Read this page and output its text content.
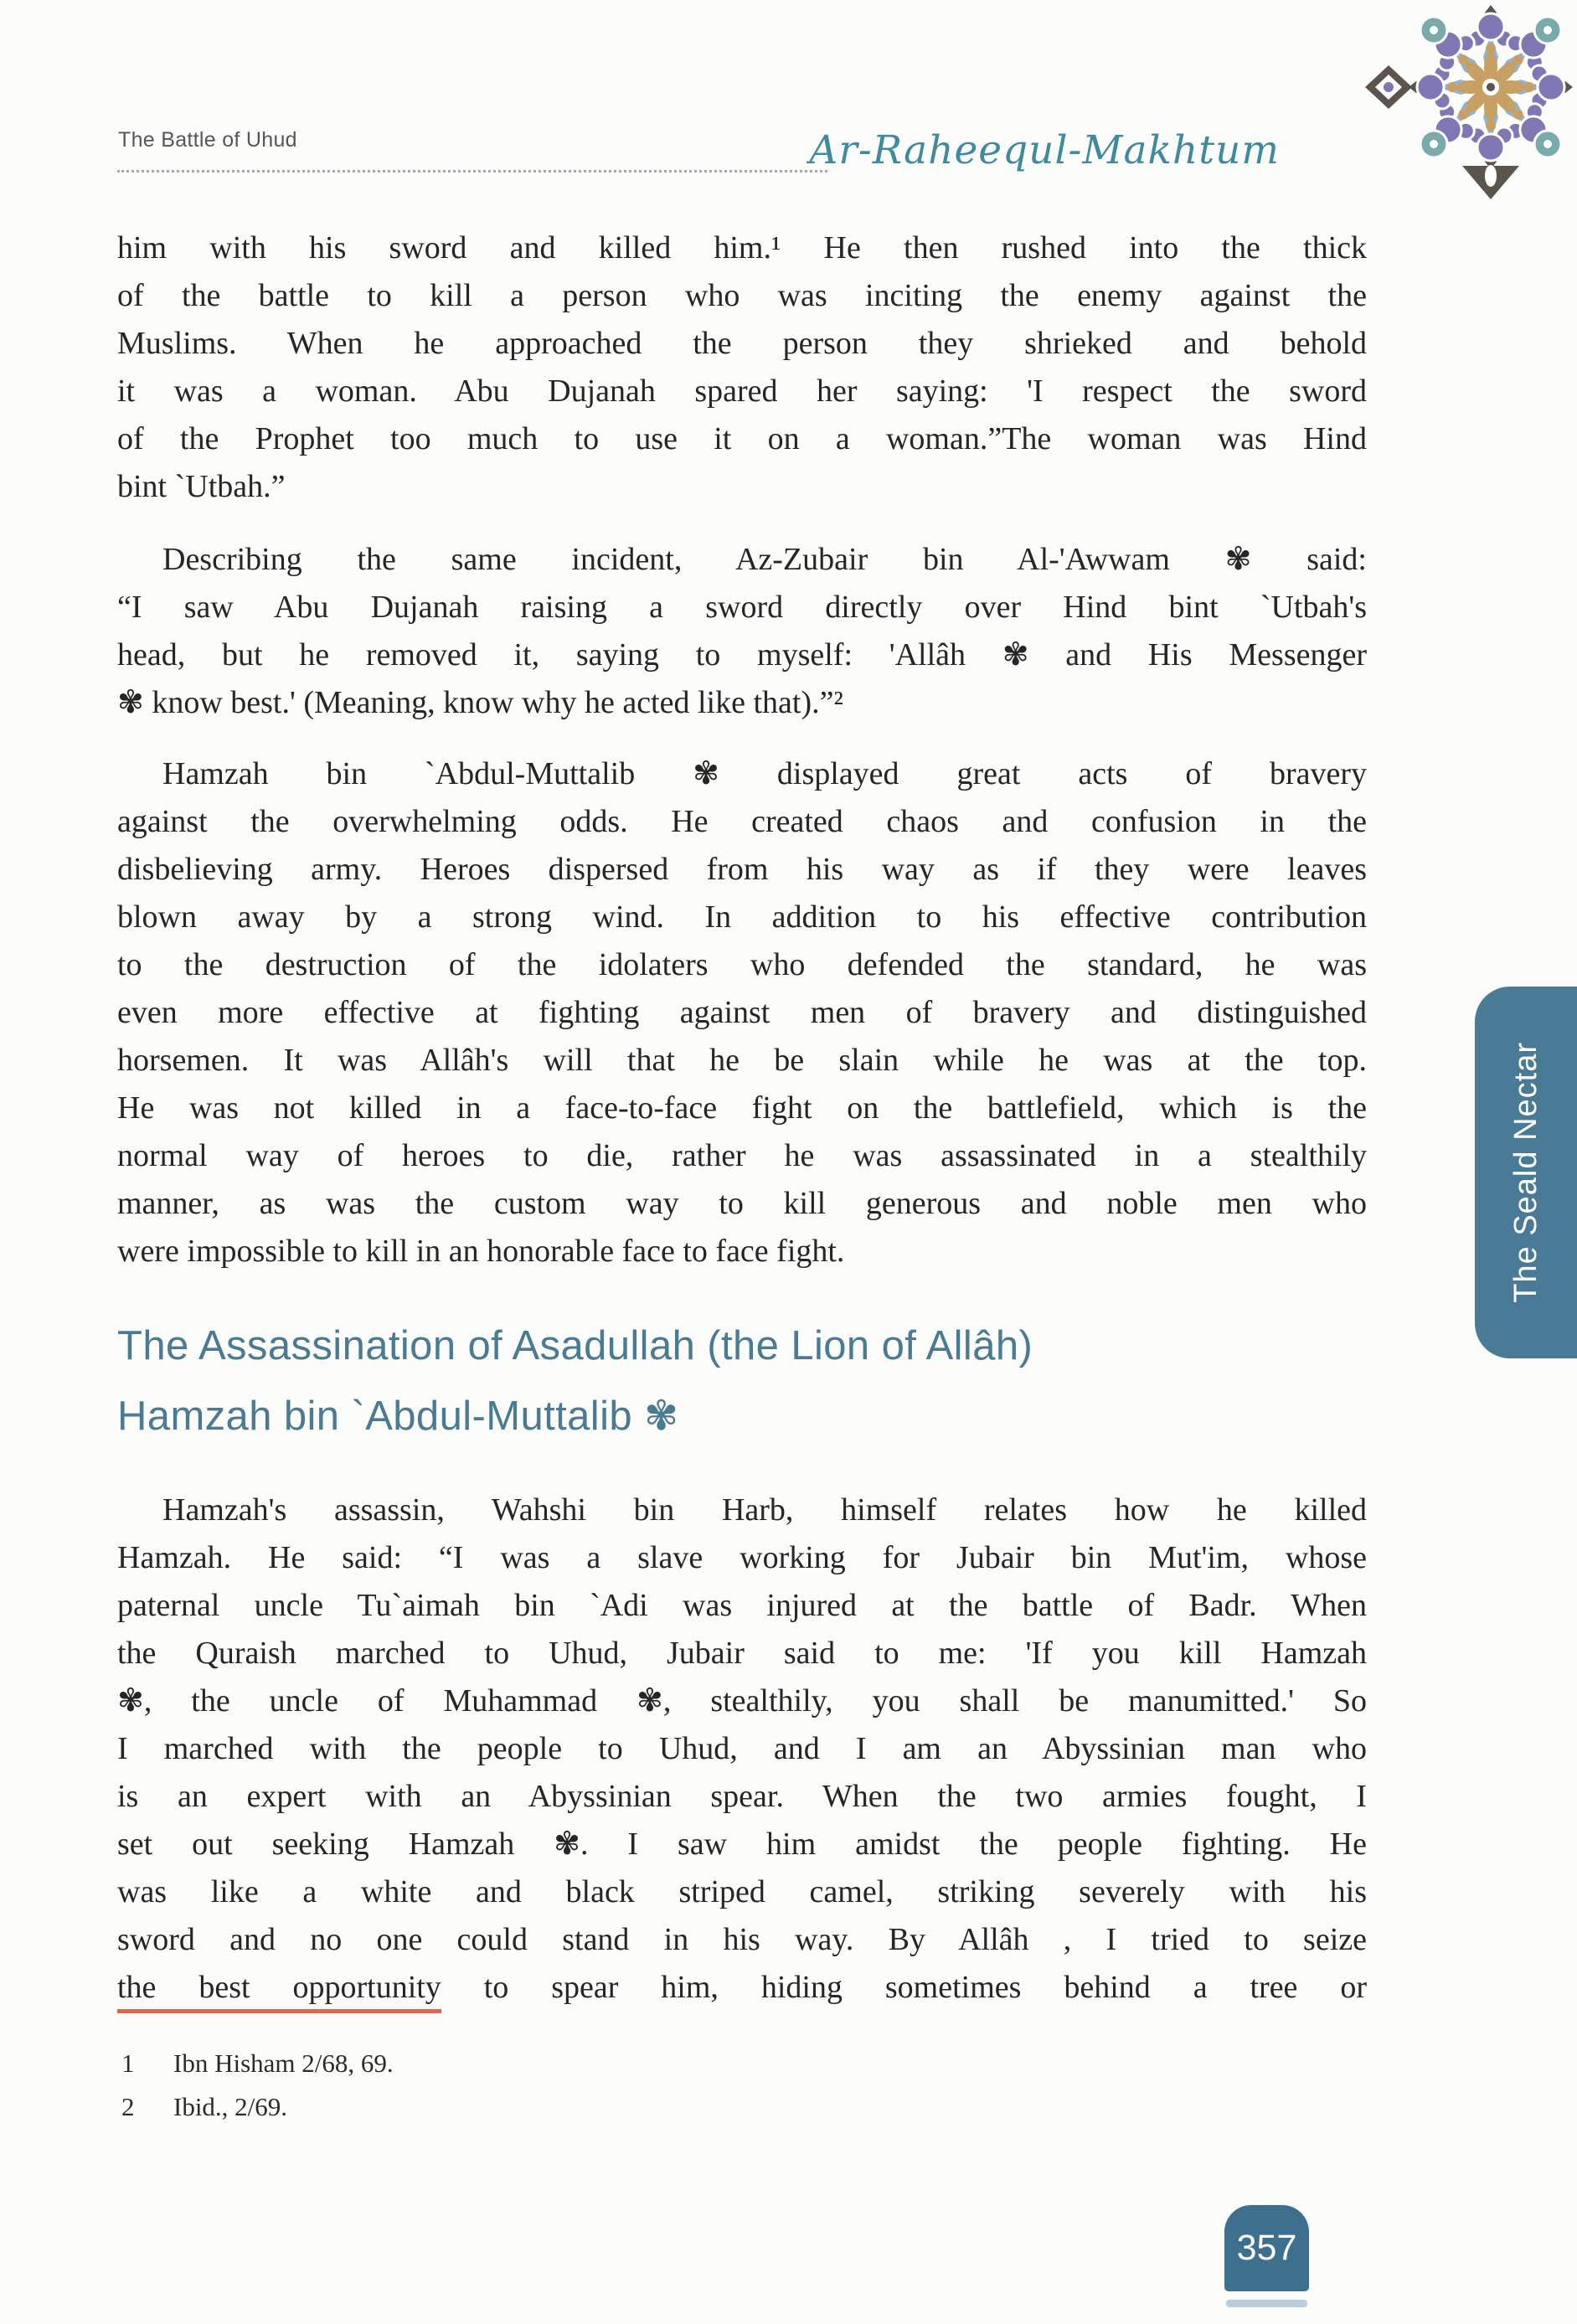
The Battle of Uhud	Ar-Raheequl-Makhtum
him with his sword and killed him.¹ He then rushed into the thick
of the battle to kill a person who was inciting the enemy against the
Muslims. When he approached the person they shrieked and behold
it was a woman. Abu Dujanah spared her saying: 'I respect the sword
of the Prophet too much to use it on a woman.”The woman was Hind
bint `Utbah.”
Describing the same incident, Az-Zubair bin Al-'Awwam ✾ said:
“I saw Abu Dujanah raising a sword directly over Hind bint `Utbah's
head, but he removed it, saying to myself: 'Allâh ✾ and His Messenger
✾ know best.' (Meaning, know why he acted like that).”²
Hamzah bin `Abdul-Muttalib ✾ displayed great acts of bravery
against the overwhelming odds. He created chaos and confusion in the
disbelieving army. Heroes dispersed from his way as if they were leaves
blown away by a strong wind. In addition to his effective contribution
to the destruction of the idolaters who defended the standard, he was
even more effective at fighting against men of bravery and distinguished
horsemen. It was Allâh's will that he be slain while he was at the top.
He was not killed in a face-to-face fight on the battlefield, which is the
normal way of heroes to die, rather he was assassinated in a stealthily
manner, as was the custom way to kill generous and noble men who
were impossible to kill in an honorable face to face fight.
The Assassination of Asadullah (the Lion of Allâh)
Hamzah bin `Abdul-Muttalib ✾
Hamzah's assassin, Wahshi bin Harb, himself relates how he killed
Hamzah. He said: “I was a slave working for Jubair bin Mut'im, whose
paternal uncle Tu`aimah bin `Adi was injured at the battle of Badr. When
the Quraish marched to Uhud, Jubair said to me: 'If you kill Hamzah
✾, the uncle of Muhammad ✾, stealthily, you shall be manumitted.' So
I marched with the people to Uhud, and I am an Abyssinian man who
is an expert with an Abyssinian spear. When the two armies fought, I
set out seeking Hamzah ✾. I saw him amidst the people fighting. He
was like a white and black striped camel, striking severely with his
sword and no one could stand in his way. By Allâh , I tried to seize
the best opportunity to spear him, hiding sometimes behind a tree or
1 Ibn Hisham 2/68, 69.
2 Ibid., 2/69.
The Seald Nectar
357
